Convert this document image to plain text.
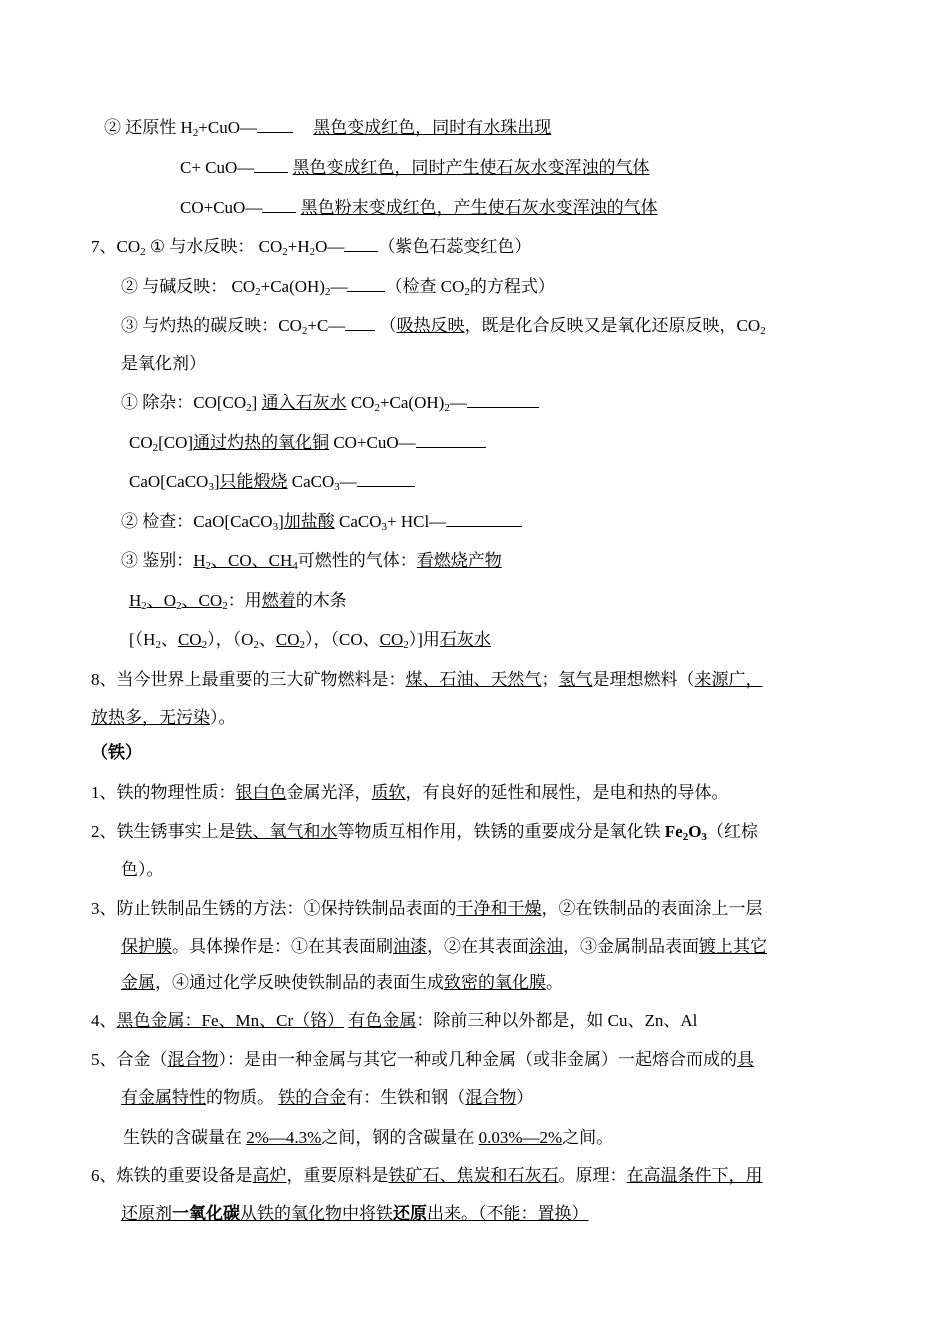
② 还原性 $H_2+CuO—$	黑色变成红色，同时有水珠出现
C+ CuO— 黑色变成红色，同时产生使石灰水变浑浊的气体
CO+CuO— 黑色粉末变成红色，产生使石灰水变浑浊的气体
7、$CO_2$ ① 与水反映： $CO_2+H_2O—$ （紫色石蕊变红色）
② 与碱反映： $CO_2+Ca(OH)_2—$ （检查 $CO_2$的方程式）
③ 与灼热的碳反映：$CO_2+C—$ （吸热反映，既是化合反映又是氧化还原反映，$CO_2$
是氧化剂）
① 除杂：$CO[CO_2]$ 通入石灰水 $CO_2+Ca(OH)_2—$
$CO_2[CO]$通过灼热的氧化铜 CO+CuO—
CaO[CaCO$_3$]只能煅烧 CaCO$_3$—
② 检查：CaO[CaCO$_3$]加盐酸 CaCO$_3$+ HCl—
③ 鉴别：$H_2$、CO、$CH_4$可燃性的气体：看燃烧产物
$H_2$、$O_2$、$CO_2$：用燃着的木条
[（$H_2$、$CO_2$），（$O_2$、$CO_2$），（CO、$CO_2$）]用石灰水
8、当今世界上最重要的三大矿物燃料是：煤、石油、天然气；氢气是理想燃料（来源广，
放热多，无污染）。
（铁）
1、铁的物理性质：银白色金属光泽，质软，有良好的延性和展性，是电和热的导体。
2、铁生锈事实上是铁、氧气和水等物质互相作用，铁锈的重要成分是氧化铁 $Fe_2O_3$（红棕
色）。
3、防止铁制品生锈的方法：①保持铁制品表面的干净和干燥，②在铁制品的表面涂上一层
保护膜。具体操作是：①在其表面刷油漆，②在其表面涂油，③金属制品表面镀上其它
金属，④通过化学反映使铁制品的表面生成致密的氧化膜。
4、黑色金属：Fe、Mn、Cr（铬） 有色金属：除前三种以外都是，如 Cu、Zn、Al
5、合金（混合物）：是由一种金属与其它一种或几种金属（或非金属）一起熔合而成的具
有金属特性的物质。 铁的合金有：生铁和钢（混合物）
生铁的含碳量在 2%—4.3%之间，钢的含碳量在 0.03%—2%之间。
6、炼铁的重要设备是高炉，重要原料是铁矿石、焦炭和石灰石。原理：在高温条件下，用
还原剂一氧化碳从铁的氧化物中将铁还原出来。（不能：置换）
